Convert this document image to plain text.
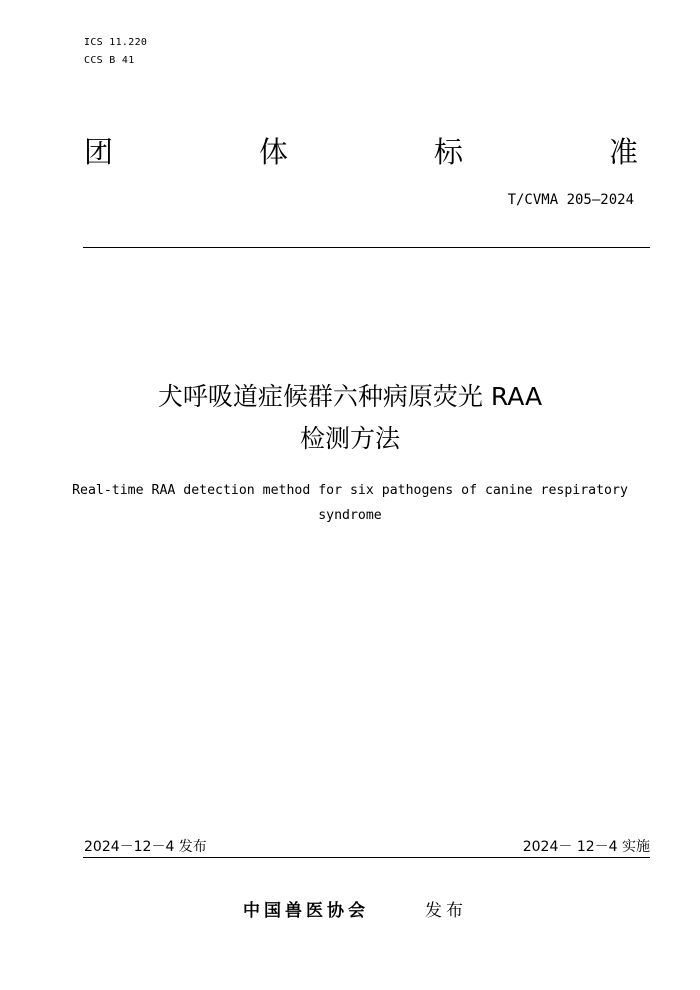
ICS 11.220
CCS B 41
团	体	标	准
T/CVMA 205—2024
犬呼吸道症候群六种病原荧光 RAA
检测方法
Real-time RAA detection method for six pathogens of canine respiratory
syndrome
2024－12－4 发布	2024－ 12－4 实施
中国兽医协会	发布
